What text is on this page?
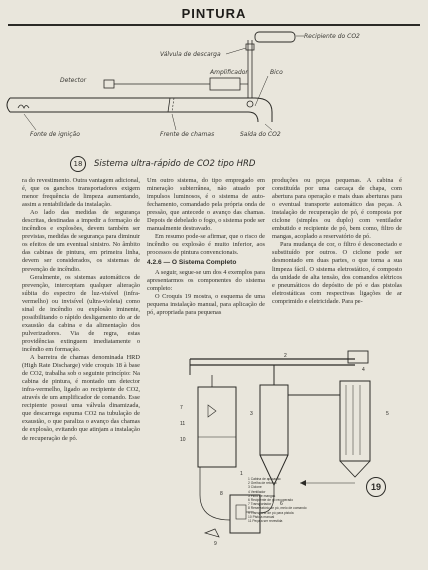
PINTURA
Recipiente do CO2
Válvula de descarga
Detector
Amplificador	Bico
Fonte de ignição	Frente de chamas	Saída do CO2
18	Sistema ultra-rápido de CO2 tipo HRD

ra do revestimento. Outra vantagem adicional, é, que os ganchos transportadores exigem menor frequência de limpeza aumentando, assim a rentabilidade da instalação.

Ao lado das medidas de segurança descritas, destinadas a impedir a formação de incêndios e explosões, devem também ser previstas, medidas de segurança para diminuir os efeitos de um eventual sinistro. No âmbito das cabinas de pintura, em primeira linha, devem ser considerados, os sistemas de prevenção de incêndio.

Geralmente, os sistemas automáticos de prevenção, interceptam qualquer alteração súbita do espectro de luz-visível (infra-vermelho) ou invisível (ultra-violeta) como sinal de incêndio ou explosão iminente, possibilitando o rápido desligamento do ar de exaustão da cabina e da alimentação dos pulverizadores. Via de regra, estas providências extinguem imediatamente o incêndio em formação.

A barreira de chamas denominada HRD (High Rate Discharge) vide croquis 18 à base de CO2, trabalha sob o seguinte princípio: Na cabina de pintura, é montado um detector infra-vermelho, ligado ao recipiente de CO2, através de um amplificador de comando. Esse recipiente possui uma válvula dinamizada, que descarrega espuma CO2 na tubulação de exaustão, o que paraliza o avanço das chamas de explosão, evitando que atinjam a instalação de recuperação de pó.

Um outro sistema, do tipo empregado em mineração subterrânea, não atuado por impulsos luminosos, é o sistema de auto-fechamento, comandado pela própria onda de pressão, que antecede o avanço das chamas. Depois de debelado o fogo, o sistema pode ser manualmente destravado.

Em resumo pode-se afirmar, que o risco de incêndio ou explosão é muito inferior, aos processos de pintura convencionais.

4.2.6 — O Sistema Completo

A seguir, segue-se um dos 4 exemplos para apresentarmos os componentes do sistema completo:

O Croquis 19 mostra, o esquema de uma pequena instalação manual, para aplicação de pó, apropriada para pequenas

produções ou peças pequenas. A cabina é constituída por uma carcaça de chapa, com abertura para operação e mais duas aberturas para o eventual transporte automático das peças. A instalação de recuperação de pó, é composta por ciclone (simples ou duplo) com ventilador embutido e recipiente de pó, bem como, filtro de mangas, acoplado a reservatório de pó.

Para mudança de cor, o filtro é desconectado e substituído por outros. O ciclone pode ser desmontado em duas partes, o que torna a sua limpeza fácil. O sistema eletrostático, é composto da unidade de alta tensão, dos comandos elétricos e pneumáticos do depósito de pó e das pistolas eletrostáticas com respectivas ligações de ar comprimido e eletricidade. Para pe-

7
11
10
2
4
5
3
1
8
9
6
1 Cabina de aplicação
2 Grelha de retorno
3 Ciclone
4 Ventilador
5 Filtro de mangas
6 Recipiente de pó recuperado
7 Transportador
8 Reservatório de pó, meio de comando
9 Transporte de pó para pistola
10 Pistola manual
11 Peça a ser revestida
19
